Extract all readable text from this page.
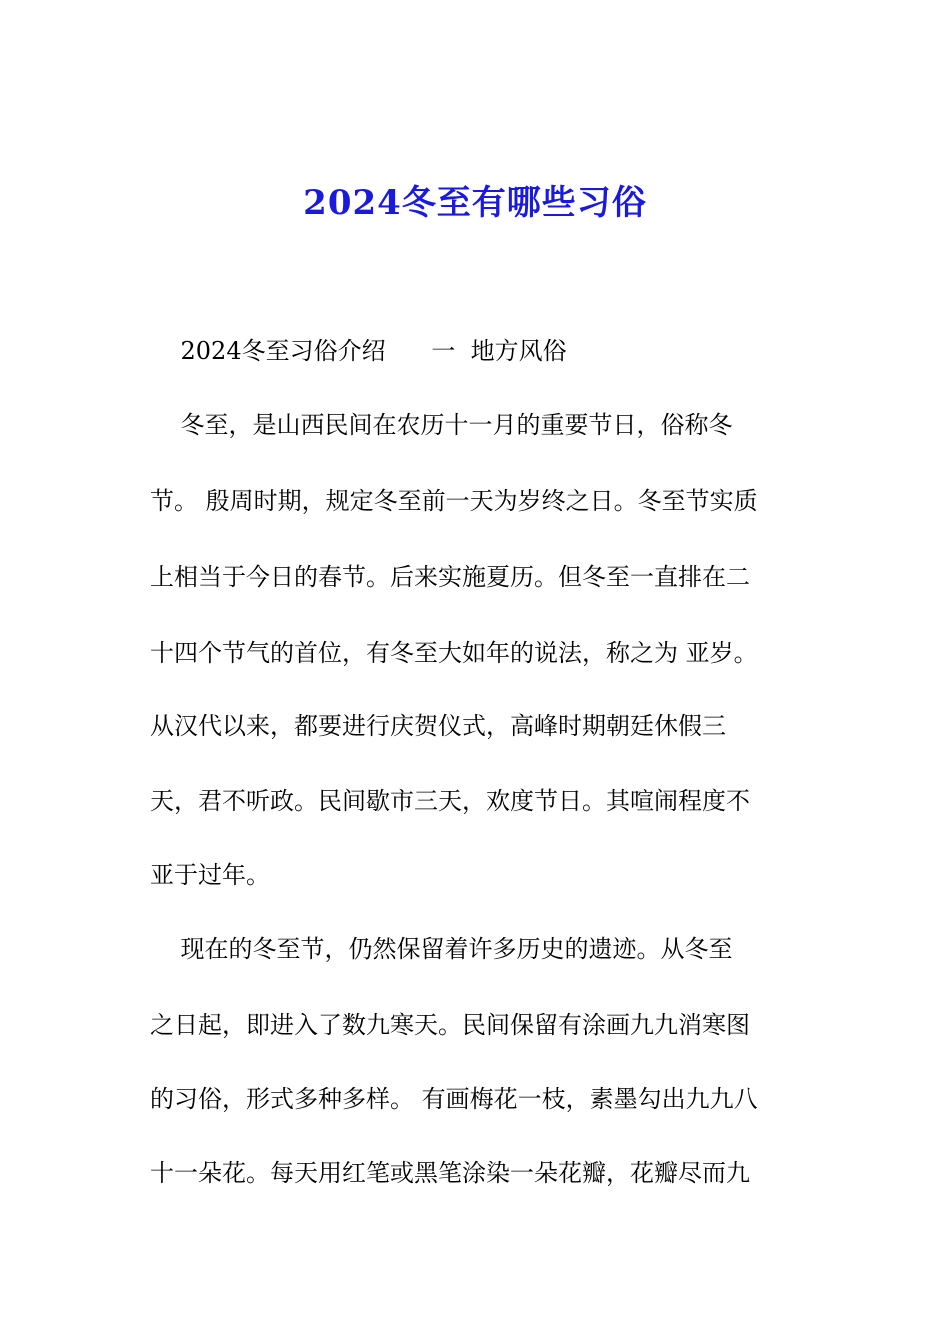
2024冬至有哪些习俗

2024冬至习俗介绍      一  地方风俗

冬至，是山西民间在农历十一月的重要节日，俗称冬

节。 殷周时期，规定冬至前一天为岁终之日。冬至节实质

上相当于今日的春节。后来实施夏历。但冬至一直排在二

十四个节气的首位，有冬至大如年的说法，称之为 亚岁。

从汉代以来，都要进行庆贺仪式，高峰时期朝廷休假三

天，君不听政。民间歇市三天，欢度节日。其喧闹程度不

亚于过年。

现在的冬至节，仍然保留着许多历史的遗迹。从冬至

之日起，即进入了数九寒天。民间保留有涂画九九消寒图

的习俗，形式多种多样。 有画梅花一枝，素墨勾出九九八

十一朵花。每天用红笔或黑笔涂染一朵花瓣，花瓣尽而九
